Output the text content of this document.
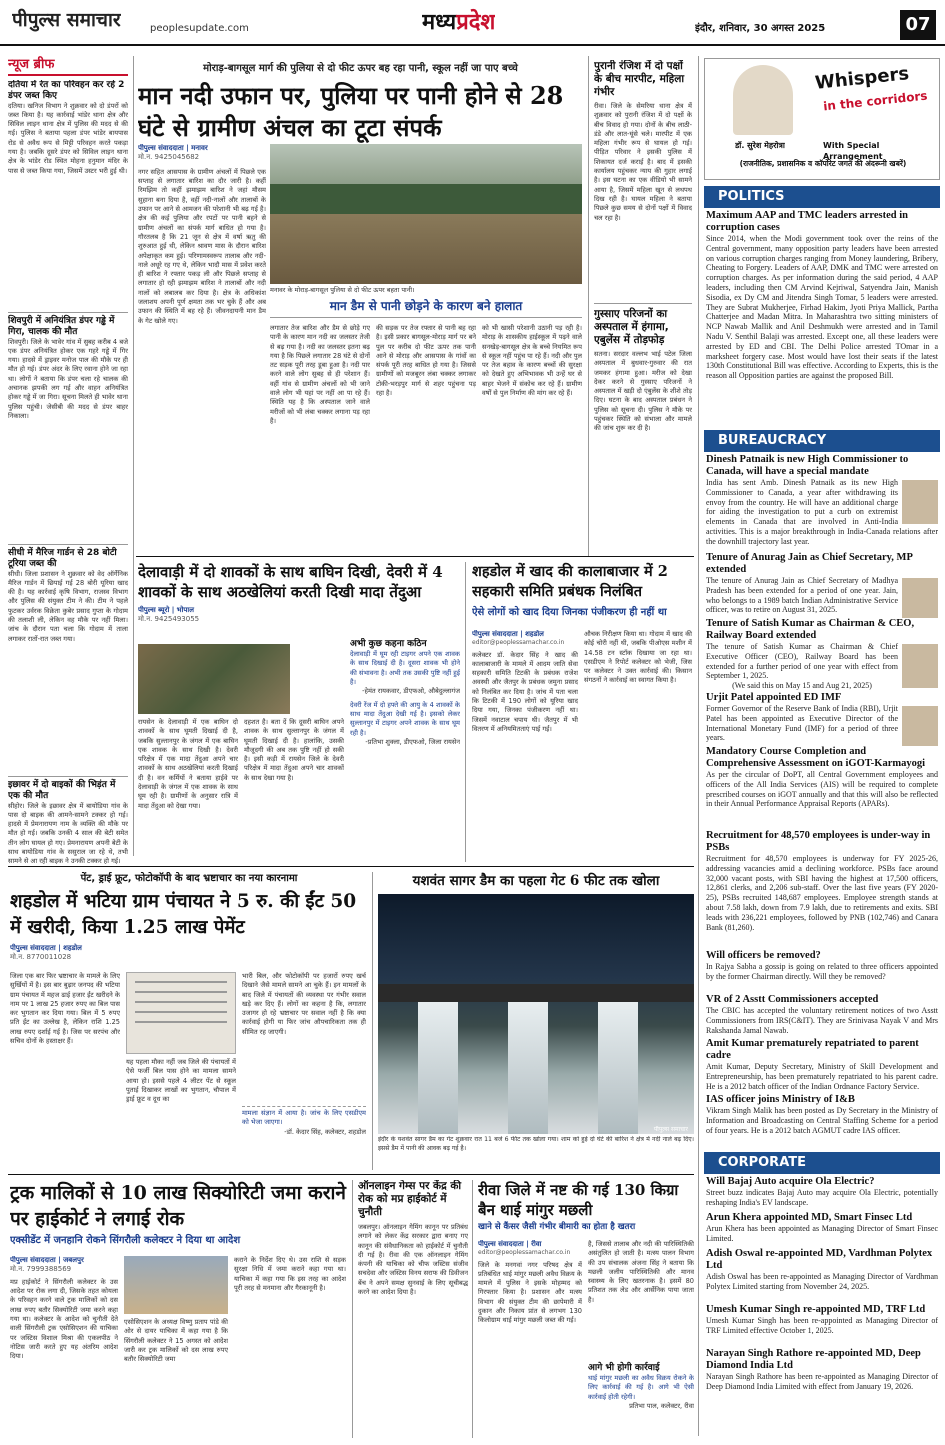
पीपुल्स समाचार	peoplesupdate.com	मध्यप्रदेश	इंदौर, शनिवार, 30 अगस्त 2025	07
न्यूज ब्रीफ
दतिया में रेत का परिवहन कर रहे 2 डंपर जब्त किए
दतिया। खनिज विभाग ने शुक्रवार को दो डंपरों को जब्त किया है। यह कार्रवाई भांडेर थाना क्षेत्र और सिविल लाइन थाना क्षेत्र में पुलिस की मदद से की गई। पुलिस ने बताया पहला डंपर भांडेर बायपास रोड से अवैध रूप से मिट्टी परिवहन करते पकड़ा गया है। जबकि दूसरे डंपर को सिविल लाइन थाना क्षेत्र के भांडेर रोड स्थित मोहना हनुमान मंदिर के पास से जब्त किया गया, जिसमें उस्टर भरी हुई थी।
शिवपुरी में अनियंत्रित डंपर गड्ढे में गिरा, चालक की मौत
शिवपुरी। जिले के भावेर गांव में सुबह करीब 4 बजे एक डंपर अनियंत्रित होकर एक गहरे गड्ढे में गिर गया। हादसे में ड्राइवर मनोज पाल की मौके पर ही मौत हो गई। डंपर अंदर के लिए रवाना होने जा रहा था। लोगों ने बताया कि डंपर चला रहे चालक की अचानक झपकी लग गई और वाहन अनियंत्रित होकर गड्ढे में जा गिरा। सूचना मिलते ही भावेर थाना पुलिस पहुंची। जेसीबी की मदद से डंपर बाहर निकाला।
सीधी में मैरिज गार्डन से 28 बोटी टूरिया जब्त की
सीधी। जिला प्रशासन ने शुक्रवार को वेद ऑर्गेनिक मैरिज गार्डन में छिपाई गई 28 बोरी यूरिया खाद की है। यह कार्रवाई कृषि विभाग, राजस्व विभाग और पुलिस की संयुक्त टीम ने की। टीम ने पहले फुटकर उर्वरक विक्रेता कुबेर प्रसाद गुप्ता के गोदाम की तलाशी ली, लेकिन वह मौके पर नहीं मिला। जांच के दौरान पता चला कि गोदाम में ताला लगाकर रातों-रात जब्त गया।
इछावर में दो बाइकों की भिड़ंत में एक की मौत
सीहोर। जिले के इछावर क्षेत्र में बायोडिया गांव के पास दो बाइक की आमने-सामने टक्कर हो गई। हादसे में प्रेमनारायण नाम के व्यक्ति की मौके पर मौत हो गई। जबकि उनकी 4 साल की बेटी समेत तीन लोग घायल हो गए। प्रेमनारायण अपनी बेटी के साथ बायोडिया गांव के ससुराल जा रहे थे, तभी सामने से आ रही बाइक ने उनकी टक्कर हो गई।
मोराड़-बागसूल मार्ग की पुलिया से दो फीट ऊपर बह रहा पानी, स्कूल नहीं जा पाए बच्चे
मान नदी उफान पर, पुलिया पर पानी होने से 28 घंटे से ग्रामीण अंचल का टूटा संपर्क
पीपुल्स संवाददाता | मनावर
मो.न. 9425045682
नगर सहित आसपास के ग्रामीण अंचलों में पिछले एक सप्ताह से लगातार बारिश का दौर जारी है। कहीं रिमझिम तो कहीं झमाझम बारिश ने जहां मौसम सुहाना बना दिया है, वहीं नदी-नालों और तालाबों के उफान पर आने से आमजन की परेशानी भी बढ़ गई है। क्षेत्र की कई पुलिया और रपटों पर पानी बहने से ग्रामीण अंचलों का संपर्क मार्ग बाधित हो गया है। गौरतलब है कि 21 जून से क्षेत्र में वर्षा ऋतु की शुरुआत हुई थी, लेकिन श्रावण मास के दौरान बारिश अपेक्षाकृत कम हुई। परिणामस्वरूप तालाब और नदी-नाले अधूरे रह गए थे, लेकिन भादौ मास में प्रवेश करते ही बारिश ने रफ्तार पकड़ ली और पिछले सप्ताह से लगातार हो रही झमाझम बारिश ने तालाबों और नदी नालों को लबालब कर दिया है। क्षेत्र के अधिकांश जलाशय अपनी पूर्ण क्षमता तक भर चुके हैं और अब उफान की स्थिति में बह रहे हैं। जीवनदायनी मान डैम के गेट खोले गए।
मनावर के मोराड़-बागसूल पुलिया से दो फीट ऊपर बहता पानी।
मान डैम से पानी छोड़ने के कारण बने हालात
लगातार तेज बारिश और डैम से छोड़े गए पानी के कारण मान नदी का जलस्तर तेजी से बढ़ गया है। नदी का जलस्तर इतना बढ़ गया है कि पिछले लगातार 28 घंटे से दोनों तट सड़क पूरी तरह डूबा हुआ है। नदी पार करने वाले लोग सुबह से ही परेशान हैं। वहीं गांव से ग्रामीण अंचलों को भी जाने वाले लोग भी यहां पर नहीं आ पा रहे हैं। स्थिति यह है कि अस्पताल जाने वाले मरीजों को भी लंबा चक्कर लगाना पड़ रहा है।
की सड़क पर तेज रफ्तार से पानी बह रहा है। इसी प्रकार बागसूल-मोराड़ मार्ग पर बने पुल पर करीब दो फीट ऊपर तक पानी आने से मोराड़ और आसपास के गांवों का संपर्क पूरी तरह बाधित हो गया है। जिससे ग्रामीणों को मजबूरन लंबा चक्कर लगाकर टोकी-भरड़पुर मार्ग से शहर पहुंचना पड़ रहा है।
को भी खासी परेशानी उठानी पड़ रही है। मोराड़ के शासकीय हाईस्कूल में पढ़ने वाले सनखेड़-बागसूल क्षेत्र के बच्चे नियमित रूप से स्कूल नहीं पहुंच पा रहे हैं। नदी और पुल पर तेज बहाव के कारण बच्चों की सुरक्षा को देखते हुए अभिभावक भी उन्हें घर से बाहर भेजने में संकोच कर रहे हैं। ग्रामीण वर्षों से पुल निर्माण की मांग कर रहे हैं।
पुरानी रंजिश में दो पक्षों के बीच मारपीट, महिला गंभीर
रीवा। जिले के सेमरिया थाना क्षेत्र में शुक्रवार को पुरानी रंजिश में दो पक्षों के बीच विवाद हो गया। दोनों के बीच लाठी-डंडे और लात-घूंसे चले। मारपीट में एक महिला गंभीर रूप से घायल हो गई। पीड़ित परिवार ने इसकी पुलिस में शिकायत दर्ज कराई है। बाद में इसकी कार्यालय पहुंचकर न्याय की गुहार लगाई है। इस घटना का एक वीडियो भी सामने आया है, जिसमें महिला खून से लथपथ दिख रही है। घायल महिला ने बताया पिछले कुछ समय से दोनों पक्षों में विवाद चल रहा है।
गुस्साए परिजनों का अस्पताल में हंगामा, एबुलेंस में तोड़फोड़
सतना। सरदार वल्लभ भाई पटेल जिला अस्पताल में बुधवार-गुरुवार की रात जमकर हंगामा हुआ। मरीज को देखा देकर करने से गुस्साए परिजनों ने अस्पताल में खड़ी दो एंबुलेंस के शीशे तोड़ दिए। घटना के बाद अस्पताल प्रबंधन ने पुलिस को सूचना दी। पुलिस ने मौके पर पहुंचकर स्थिति को संभाला और मामले की जांच शुरू कर दी है।
Whispers
in the corridors
डॉ. सुरेश मेहरोत्रा	With Special Arrangement
(राजनीतिक, प्रशासनिक व कॉर्पोरेट जगत की अंदरूनी खबरें)
POLITICS
Maximum AAP and TMC leaders arrested in corruption cases
Since 2014, when the Modi government took over the reins of the Central government, many opposition party leaders have been arrested on various corruption charges ranging from Money laundering, Bribery, Cheating to Forgery. Leaders of AAP, DMK and TMC were arrested on corruption charges. As per information during the said period, 4 AAP leaders, including then CM Arvind Kejriwal, Satyendra Jain, Manish Sisodia, ex Dy CM and Jitendra Singh Tomar, 5 leaders were arrested. They are Subrat Mukherjee, Firhad Hakim, Jyoti Priya Mallick, Partha Chatterjee and Madan Mitra. In Maharashtra two sitting ministers of NCP Nawab Mallik and Anil Deshmukh were arrested and in Tamil Nadu V. Senthil Balaji was arrested. Except one, all these leaders were arrested by ED and CBI. The Delhi Police arrested TOmar in a marksheet forgery case. Most would have lost their seats if the latest 130th Constitutional Bill was effective. According to Experts, this is the reason all Opposition parties are against the proposed Bill.
BUREAUCRACY
Dinesh Patnaik is new High Commissioner to Canada, will have a special mandate
India has sent Amb. Dinesh Patnaik as its new High Commissioner to Canada, a year after withdrawing its envoy from the country. He will have an additional charge for aiding the investigation to put a curb on extremist elements in Canada that are involved in Anti-India activities. This is a major breakthrough in India-Canada relations after the downhill trajectory last year.
Tenure of Anurag Jain as Chief Secretary, MP extended
The tenure of Anurag Jain as Chief Secretary of Madhya Pradesh has been extended for a period of one year. Jain, who belongs to a 1989 batch Indian Administrative Service officer, was to retire on August 31, 2025.
Tenure of Satish Kumar as Chairman & CEO, Railway Board extended
The tenure of Satish Kumar as Chairman & Chief Executive Officer (CEO), Railway Board has been extended for a further period of one year with effect from September 1, 2025.
(We said this on May 15 and Aug 21, 2025)
Urjit Patel appointed ED IMF
Former Governor of the Reserve Bank of India (RBI), Urjit Patel has been appointed as Executive Director of the International Monetary Fund (IMF) for a period of three years.
Mandatory Course Completion and Comprehensive Assessment on iGOT-Karmayogi
As per the circular of DoPT, all Central Government employees and officers of the All India Services (AIS) will be required to complete prescribed courses on iGOT annually and that this will also be reflected in their Annual Performance Appraisal Reports (APARs).
Recruitment for 48,570 employees is under-way in PSBs
Recruitment for 48,570 employees is underway for FY 2025-26, addressing vacancies amid a declining workforce. PSBs face around 32,000 vacant posts, with SBI having the highest at 17,500 officers, 12,861 clerks, and 2,206 sub-staff. Over the last five years (FY 2020-25), PSBs recruited 148,687 employees. Employee strength stands at about 7.58 lakh, down from 7.9 lakh, due to retirements and exits. SBI leads with 236,221 employees, followed by PNB (102,746) and Canara Bank (81,260).
Will officers be removed?
In Rajya Sabha a gossip is going on related to three officers appointed by the former Chairman directly. Will they be removed?
VR of 2 Asstt Commissioners accepted
The CBIC has accepted the voluntary retirement notices of two Asstt Commissioners from IRS(C&IT). They are Srinivasa Nayak V and Mrs Rakshanda Jamal Nawab.
Amit Kumar prematurely repatriated to parent cadre
Amit Kumar, Deputy Secretary, Ministry of Skill Development and Entrepreneurship, has been prematurely repatriated to his parent cadre. He is a 2012 batch officer of the Indian Ordnance Factory Service.
IAS officer joins Ministry of I&B
Vikram Singh Malik has been posted as Dy Secretary in the Ministry of Information and Broadcasting on Central Staffing Scheme for a period of four years. He is a 2012 batch AGMUT cadre IAS officer.
CORPORATE
Will Bajaj Auto acquire Ola Electric?
Street buzz indicates Bajaj Auto may acquire Ola Electric, potentially reshaping India's EV landscape.
Arun Khera appointed MD, Smart Finsec Ltd
Arun Khera has been appointed as Managing Director of Smart Finsec Limited.
Adish Oswal re-appointed MD, Vardhman Polytex Ltd
Adish Oswal has been re-appointed as Managing Director of Vardhman Polytex Limited starting from November 24, 2025.
Umesh Kumar Singh re-appointed MD, TRF Ltd
Umesh Kumar Singh has been re-appointed as Managing Director of TRF Limited effective October 1, 2025.
Narayan Singh Rathore re-appointed MD, Deep Diamond India Ltd
Narayan Singh Rathore has been re-appointed as Managing Director of Deep Diamond India Limited with effect from January 19, 2026.
देलावाड़ी में दो शावकों के साथ बाघिन दिखी, देवरी में 4 शावकों के साथ अठखेलियां करती दिखी मादा तेंदुआ
पीपुल्स ब्यूरो | भोपाल
मो.न. 9425493055
रायसेन के देलावाड़ी में एक बाघिन दो शावकों के साथ घूमती दिखाई दी है, जबकि सुल्तानपुर के जंगल में एक बाघिन एक शावक के साथ दिखी है। देवरी परिक्षेत्र में एक मादा तेंदुआ अपने चार शावकों के साथ अठखेलियां करती दिखाई दी है। वन कर्मियों ने बताया हाईवे पर देलावाड़ी के जंगल में एक शावक के साथ घूम रही है। ग्रामीणों के अनुसार रात्रि में मादा तेंदुआ को देखा गया।
दहशत है। बता दें कि दूसरी बाघिन अपने शावक के साथ सुल्तानपुर के जंगल में घूमती दिखाई दी है। हालांकि, उसकी मौजूदगी की अब तक पुष्टि नहीं हो सकी है। इसी कड़ी में रायसेन जिले के देवरी परिक्षेत्र में मादा तेंदुआ अपने चार शावकों के साथ देखा गया है।
अभी कुछ कहना कठिन
देलावाड़ी में घूम रही टाइगर अपने एक शावक के साथ दिखाई दी है। दूसरा शावक भी होने की संभावना है। अभी तक उसकी पुष्टि नहीं हुई है।
-हेमंत रायकवार, डीएफओ, औबेदुल्लागंज
देवरी रेंज में दो हफ्ते की आयु के 4 शावकों के साथ मादा तेंदुआ देखी गई है। इसको लेकर सुल्तानपुर में टाइगर अपने शावक के साथ घूम रही है।
-प्रतिभा शुक्ला, डीएफओ, जिला रायसेन
शहडोल में खाद की कालाबाजार में 2 सहकारी समिति प्रबंधक निलंबित
ऐसे लोगों को खाद दिया जिनका पंजीकरण ही नहीं था
पीपुल्स संवाददाता | शहडोल
editor@peoplessamachar.co.in
कलेक्टर डॉ. केदार सिंह ने खाद की कालाबाजारी के मामले में आदम जाति सेवा सहकारी समिति टिटकी के प्रबंधक राजेश अवस्थी और जैतपुर के प्रबंधक जमुना प्रसाद को निलंबित कर दिया है। जांच में पता चला कि टिटकी में 190 लोगों को यूरिया खाद दिया गया, जिनका पंजीकरण नहीं था। जिसमें नवाटाल चपाय थी। जैतपुर में भी वितरण में अनियमितताएं पाई गईं।
औचक निरीक्षण किया था। गोदाम में खाद की कोई चोरी नहीं थी, जबकि पीओएस मशीन में 14.58 टन स्टॉक दिखाया जा रहा था। एसडीएम ने रिपोर्ट कलेक्टर को भेजी, जिस पर कलेक्टर ने उक्त कार्रवाई की। किसान संगठनों ने कार्रवाई का स्वागत किया है।
पेंट, ड्राई फ्रूट, फोटोकॉपी के बाद भ्रष्टाचार का नया कारनामा
शहडोल में भटिया ग्राम पंचायत ने 5 रु. की ईंट 50 में खरीदी, किया 1.25 लाख पेमेंट
पीपुल्स संवाददाता | शहडोल
मो.न. 8770011028
जिला एक बार फिर भ्रष्टाचार के मामले के लिए सुर्खियों में है। इस बार बुढ़ार जनपद की भटिया ग्राम पंचायत में महज ढाई हजार ईंट खरीदने के नाम पर 1 लाख 25 हजार रुपए का बिल पास कर भुगतान कर दिया गया। बिल में 5 रुपए प्रति ईंट का उल्लेख है, लेकिन राशि 1.25 लाख रुपए दर्शाई गई है। जिस पर सरपंच और सचिव दोनों के हस्ताक्षर हैं।
यह पहला मौका नहीं जब जिले की पंचायतों में ऐसे फर्जी बिल पास होने का मामला सामने आया हो। इससे पहले 4 लीटर पेंट से स्कूल पुताई दिखाकर लाखों का भुगतान, चौपाल में ड्राई फ्रूट व दूध का
भारी बिल, और फोटोकॉपी पर हजारों रुपए खर्च दिखाने जैसे मामले सामने आ चुके हैं। इन मामलों के बाद जिले में पंचायतों की व्यवस्था पर गंभीर सवाल खड़े कर दिए हैं। लोगों का कहना है कि, लगातार उजागर हो रहे भ्रष्टाचार पर सवाल नहीं है कि क्या कार्रवाई होगी या फिर जांच औपचारिकता तक ही सीमित रह जाएगी।
मामला संज्ञान में आया है। जांच के लिए एसडीएम को भेजा जाएगा।
-डॉ. केदार सिंह, कलेक्टर, शहडोल
यशवंत सागर डैम का पहला गेट 6 फीट तक खोला
इंदौर के यशवंत सागर डैम का गेट शुक्रवार रात 11 बजे 6 फीट तक खोला गया। शाम को हुई दो घंटे की बारिश ने क्षेत्र में नदी नाले बढ़ दिए। इससे डैम में पानी की आवक बढ़ गई है।
पीपुल्स समाचार
ट्रक मालिकों से 10 लाख सिक्योरिटी जमा कराने पर हाईकोर्ट ने लगाई रोक
एक्सीडेंट में जनहानि रोकने सिंगरौली कलेक्टर ने दिया था आदेश
पीपुल्स संवाददाता | जबलपुर
मो.न. 7999388569
मप्र हाईकोर्ट ने सिंगरौली कलेक्टर के उस आदेश पर रोक लगा दी, जिसके तहत कोयला के परिवहन करने वाले ट्रक मालिकों को दस लाख रुपए बतौर सिक्योरिटी जमा करने कहा गया था। कलेक्टर के आदेश को चुनौती देते वाली सिंगरौली ट्रक एसोसिएशन की याचिका पर जस्टिस विशाल मिश्रा की एकलपीठ ने नोटिस जारी करते हुए यह अंतरिम आदेश दिया।
एसोसिएशन के अध्यक्ष विष्णु प्रताप पांडे की ओर से दायर याचिका में कहा गया है कि सिंगरौली कलेक्टर ने 15 अगस्त को आदेश जारी कर ट्रक मालिकों को दस लाख रुपए बतौर सिक्योरिटी जमा
कराने के निर्देश दिए थे। उस राशि से सड़क सुरक्षा निधि में जमा कराने कहा गया था। याचिका में कहा गया कि इस तरह का आदेश पूरी तरह से मनमाना और गैरकानूनी है।
ऑनलाइन गेम्स पर केंद्र की रोक को मप्र हाईकोर्ट में चुनौती
जबलपुर। ऑनलाइन गेमिंग कानून पर प्रतिबंध लगाने को लेकर केंद्र सरकार द्वारा बनाए गए कानून की संवैधानिकता को हाईकोर्ट में चुनौती दी गई है। रीवा की एक ऑनलाइन गेमिंग कंपनी की याचिका को चीफ जस्टिस संजीव सचदेवा और जस्टिस विनय सराफ की डिवीजन बेंच ने अपने समक्ष सुनवाई के लिए सूचीबद्ध करने का आदेश दिया है।
रीवा जिले में नष्ट की गई 130 किग्रा बैन थाई मांगुर मछली
खाने से कैंसर जैसी गंभीर बीमारी का होता है खतरा
पीपुल्स संवाददाता | रीवा
editor@peoplessamachar.co.in
जिले के मनगवां नगर परिषद क्षेत्र में प्रतिबंधित थाई मांगुर मछली अवैध विक्रय के मामले में पुलिस ने इसके मोहम्मद को गिरफ्तार किया है। प्रशासन और मत्स्य विभाग की संयुक्त टीम की छापेमारी में दुकान और निकाय प्रांत से लगभग 130 किलोग्राम थाई मांगुर मछली जब्त की गई।
है, जिससे तालाब और नदी की पारिस्थितिकी असंतुलित हो जाती है। मत्स्य पालन विभाग की उप संचालक अंजना सिंह ने बताया कि मछली जलीय पारिस्थितिकी और मानव स्वास्थ्य के लिए खतरनाक है। इसमें 80 प्रतिशत तक लेड और आर्सेनिक पाया जाता है।
आगे भी होगी कार्रवाई
थाई मांगुर मछली का अवैध विक्रय रोकने के लिए कार्रवाई की गई है। आगे भी ऐसी कार्रवाई होती रहेगी।
प्रतिभा पाल, कलेक्टर, रीवा
